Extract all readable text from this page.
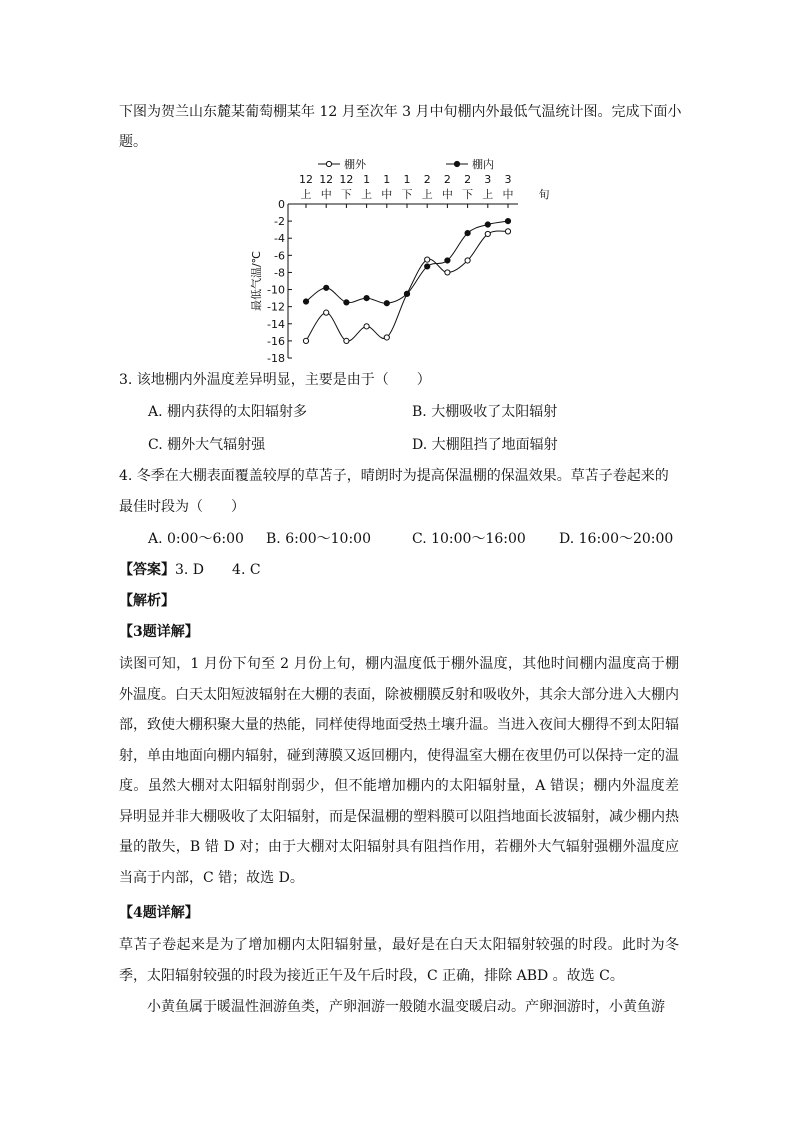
下图为贺兰山东麓某葡萄棚某年 12 月至次年 3 月中旬棚内外最低气温统计图。完成下面小
题。
0
-2
-4
-6
-8
-10
-12
-14
-16
-18
最低气温/℃
12
上
12
中
12
下
1
上
1
中
1
下
2
上
2
中
2
下
3
上
3
中 旬
棚外	棚内
3. 该地棚内外温度差异明显，主要是由于（　　）
A. 棚内获得的太阳辐射多	B. 大棚吸收了太阳辐射
C. 棚外大气辐射强	D. 大棚阻挡了地面辐射
4. 冬季在大棚表面覆盖较厚的草苫子，晴朗时为提高保温棚的保温效果。草苫子卷起来的
最佳时段为（　　）
A. 0:00～6:00 B. 6:00～10:00	C. 10:00～16:00 D. 16:00～20:00
【答案】3. D　　4. C
【解析】
【3题详解】
读图可知，1 月份下旬至 2 月份上旬，棚内温度低于棚外温度，其他时间棚内温度高于棚外温度。白天太阳短波辐射在大棚的表面，除被棚膜反射和吸收外，其余大部分进入大棚内部，致使大棚积聚大量的热能，同样使得地面受热土壤升温。当进入夜间大棚得不到太阳辐射，单由地面向棚内辐射，碰到薄膜又返回棚内，使得温室大棚在夜里仍可以保持一定的温度。虽然大棚对太阳辐射削弱少，但不能增加棚内的太阳辐射量，A 错误；棚内外温度差异明显并非大棚吸收了太阳辐射，而是保温棚的塑料膜可以阻挡地面长波辐射，减少棚内热量的散失，B 错 D 对；由于大棚对太阳辐射具有阻挡作用，若棚外大气辐射强棚外温度应当高于内部，C 错；故选 D。
【4题详解】
草苫子卷起来是为了增加棚内太阳辐射量，最好是在白天太阳辐射较强的时段。此时为冬季，太阳辐射较强的时段为接近正午及午后时段，C 正确，排除 ABD 。故选 C。
小黄鱼属于暖温性洄游鱼类，产卵洄游一般随水温变暖启动。产卵洄游时，小黄鱼游
